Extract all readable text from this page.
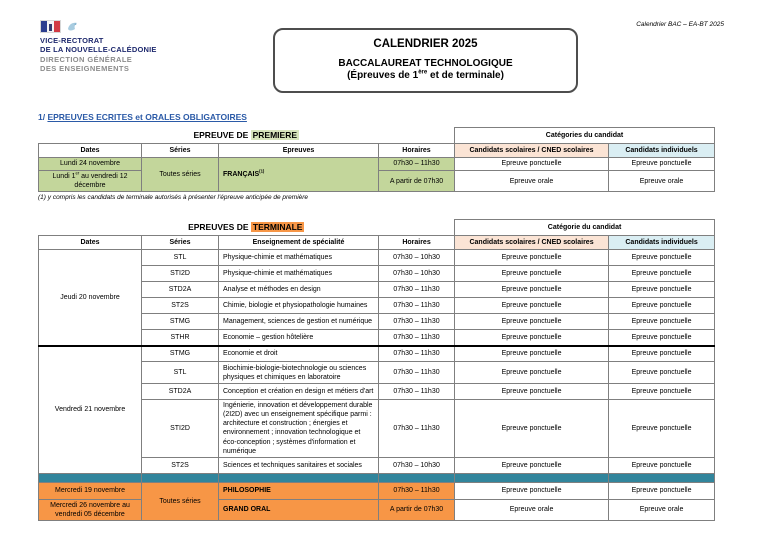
VICE-RECTORAT
DE LA NOUVELLE-CALÉDONIE
DIRECTION GÉNÉRALE
DES ENSEIGNEMENTS
CALENDRIER 2025
BACCALAUREAT TECHNOLOGIQUE
(Épreuves de 1ère et de terminale)
Calendrier BAC – EA-BT 2025
1/ EPREUVES ECRITES et ORALES OBLIGATOIRES
EPREUVE DE PREMIERE				Catégories du candidat	
Dates	Séries	Epreuves	Horaires	Candidats scolaires / CNED scolaires	Candidats individuels
Lundi 24 novembre	Toutes séries	FRANÇAIS$^{(1)}$	07h30 – 11h30	Epreuve ponctuelle	Epreuve ponctuelle
Lundi 1er au vendredi 12 décembre			A partir de 07h30	Epreuve orale	Epreuve orale
(1) y compris les candidats de terminale autorisés à présenter l'épreuve anticipée de première
EPREUVES DE TERMINALE				Catégorie du candidat	
Dates	Séries	Enseignement de spécialité	Horaires	Candidats scolaires / CNED scolaires	Candidats individuels
Jeudi 20 novembre	STL	Physique-chimie et mathématiques	07h30 – 10h30	Epreuve ponctuelle	Epreuve ponctuelle
	STI2D	Physique-chimie et mathématiques	07h30 – 10h30	Epreuve ponctuelle	Epreuve ponctuelle
	STD2A	Analyse et méthodes en design	07h30 – 11h30	Epreuve ponctuelle	Epreuve ponctuelle
	ST2S	Chimie, biologie et physiopathologie humaines	07h30 – 11h30	Epreuve ponctuelle	Epreuve ponctuelle
	STMG	Management, sciences de gestion et numérique	07h30 – 11h30	Epreuve ponctuelle	Epreuve ponctuelle
	STHR	Economie – gestion hôtelière	07h30 – 11h30	Epreuve ponctuelle	Epreuve ponctuelle
Vendredi 21 novembre	STMG	Economie et droit	07h30 – 11h30	Epreuve ponctuelle	Epreuve ponctuelle
	STL	Biochimie-biologie-biotechnologie ou sciences physiques et chimiques en laboratoire	07h30 – 11h30	Epreuve ponctuelle	Epreuve ponctuelle
	STD2A	Conception et création en design et métiers d'art	07h30 – 11h30	Epreuve ponctuelle	Epreuve ponctuelle
	STI2D	Ingénierie, innovation et développement durable (2I2D) avec un enseignement spécifique parmi : architecture et construction ; énergies et environnement ; innovation technologique et éco-conception ; systèmes d'information et numérique	07h30 – 11h30	Epreuve ponctuelle	Epreuve ponctuelle
	ST2S	Sciences et techniques sanitaires et sociales	07h30 – 10h30	Epreuve ponctuelle	Epreuve ponctuelle

Mercredi 19 novembre	Toutes séries	PHILOSOPHIE	07h30 – 11h30	Epreuve ponctuelle	Epreuve ponctuelle
Mercredi 26 novembre au vendredi 05 décembre		GRAND ORAL	A partir de 07h30	Epreuve orale	Epreuve orale
